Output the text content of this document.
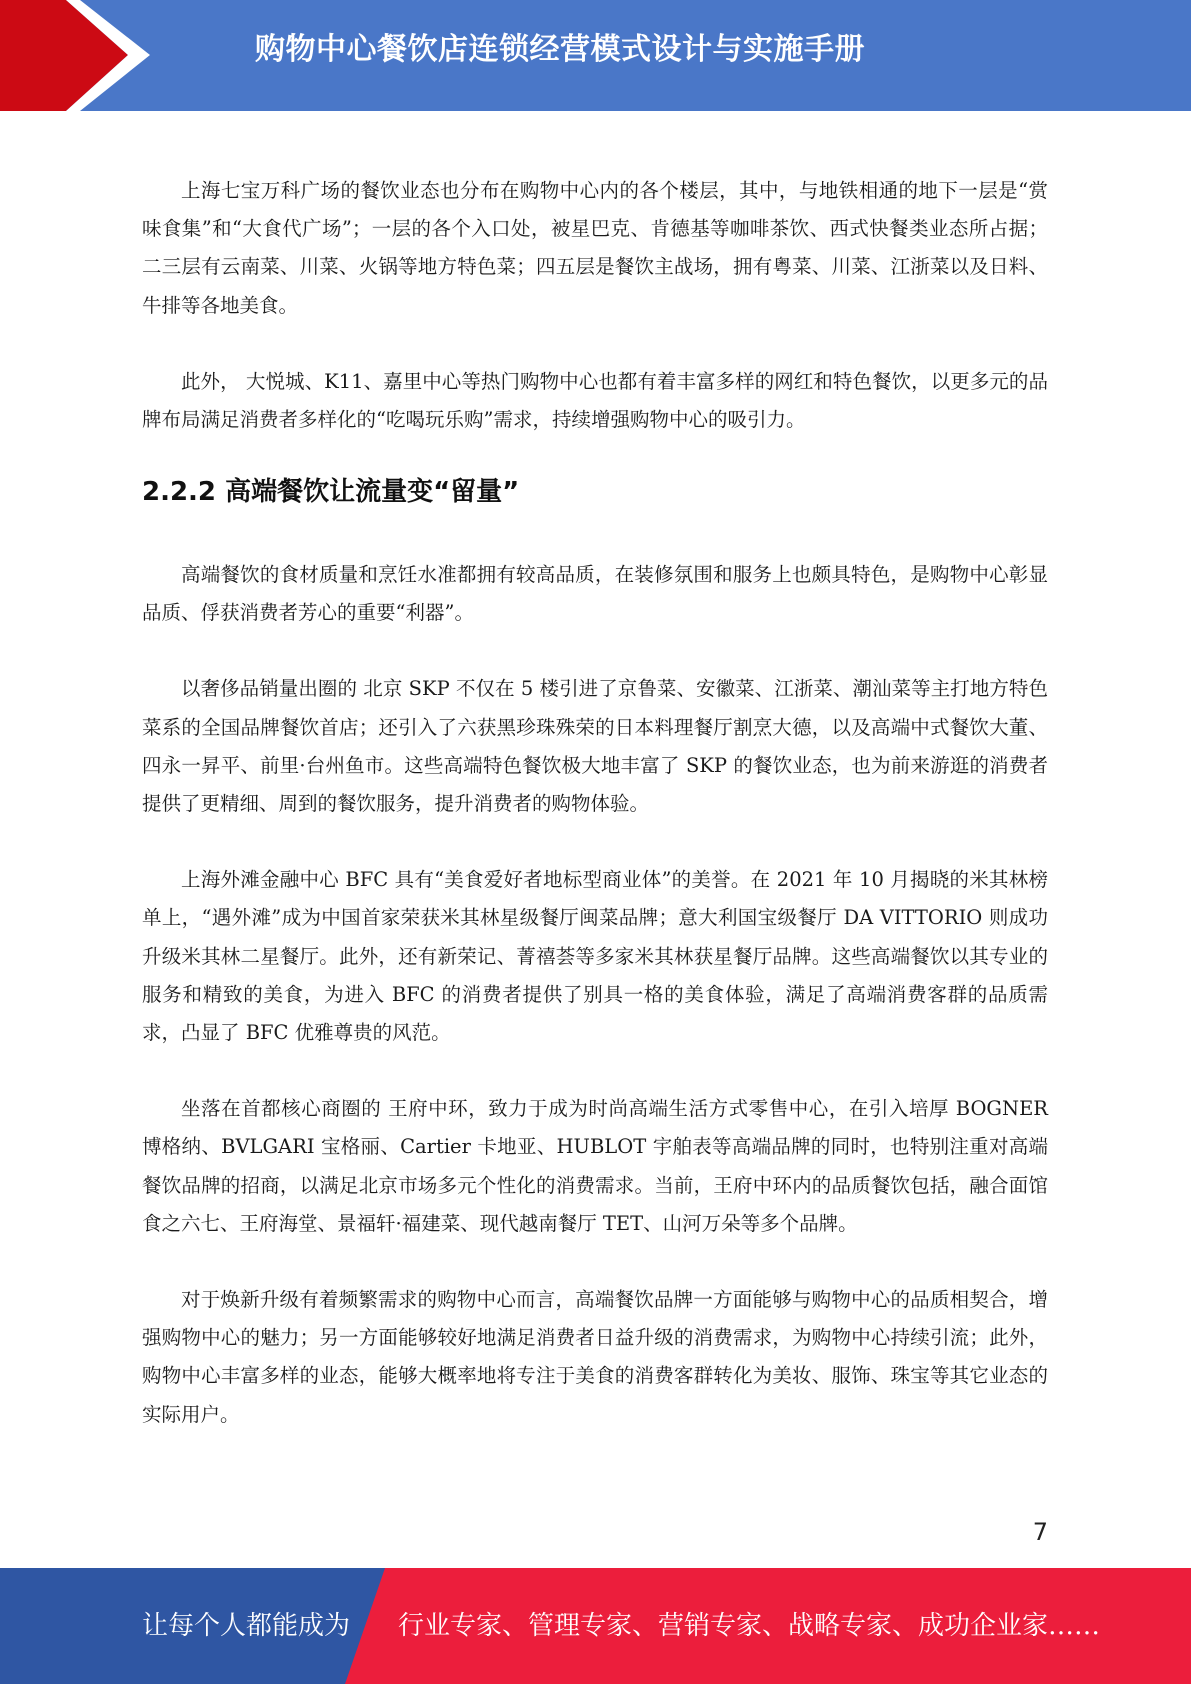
购物中心餐饮店连锁经营模式设计与实施手册

上海七宝万科广场的餐饮业态也分布在购物中心内的各个楼层，其中，与地铁相通的地下一层是“赏味食集”和“大食代广场”；一层的各个入口处，被星巴克、肯德基等咖啡茶饮、西式快餐类业态所占据；二三层有云南菜、川菜、火锅等地方特色菜；四五层是餐饮主战场，拥有粤菜、川菜、江浙菜以及日料、牛排等各地美食。

此外， 大悦城、K11、嘉里中心等热门购物中心也都有着丰富多样的网红和特色餐饮，以更多元的品牌布局满足消费者多样化的“吃喝玩乐购”需求，持续增强购物中心的吸引力。

2.2.2 高端餐饮让流量变“留量”

高端餐饮的食材质量和烹饪水准都拥有较高品质，在装修氛围和服务上也颇具特色，是购物中心彰显品质、俘获消费者芳心的重要“利器”。

以奢侈品销量出圈的 北京 SKP 不仅在 5 楼引进了京鲁菜、安徽菜、江浙菜、潮汕菜等主打地方特色菜系的全国品牌餐饮首店；还引入了六获黑珍珠殊荣的日本料理餐厅割烹大德，以及高端中式餐饮大董、四永一昇平、前里·台州鱼市。这些高端特色餐饮极大地丰富了 SKP 的餐饮业态，也为前来游逛的消费者提供了更精细、周到的餐饮服务，提升消费者的购物体验。

上海外滩金融中心 BFC 具有“美食爱好者地标型商业体”的美誉。在 2021 年 10 月揭晓的米其林榜单上，“遇外滩”成为中国首家荣获米其林星级餐厅闽菜品牌；意大利国宝级餐厅 DA VITTORIO 则成功升级米其林二星餐厅。此外，还有新荣记、菁禧荟等多家米其林获星餐厅品牌。这些高端餐饮以其专业的服务和精致的美食，为进入 BFC 的消费者提供了别具一格的美食体验，满足了高端消费客群的品质需求，凸显了 BFC 优雅尊贵的风范。

坐落在首都核心商圈的 王府中环，致力于成为时尚高端生活方式零售中心，在引入培厚 BOGNER 博格纳、BVLGARI 宝格丽、Cartier 卡地亚、HUBLOT 宇舶表等高端品牌的同时，也特别注重对高端餐饮品牌的招商，以满足北京市场多元个性化的消费需求。当前，王府中环内的品质餐饮包括，融合面馆食之六七、王府海堂、景福轩·福建菜、现代越南餐厅 TET、山河万朵等多个品牌。

对于焕新升级有着频繁需求的购物中心而言，高端餐饮品牌一方面能够与购物中心的品质相契合，增强购物中心的魅力；另一方面能够较好地满足消费者日益升级的消费需求，为购物中心持续引流；此外，购物中心丰富多样的业态，能够大概率地将专注于美食的消费客群转化为美妆、服饰、珠宝等其它业态的实际用户。

7
让每个人都能成为 行业专家、管理专家、营销专家、战略专家、成功企业家……
